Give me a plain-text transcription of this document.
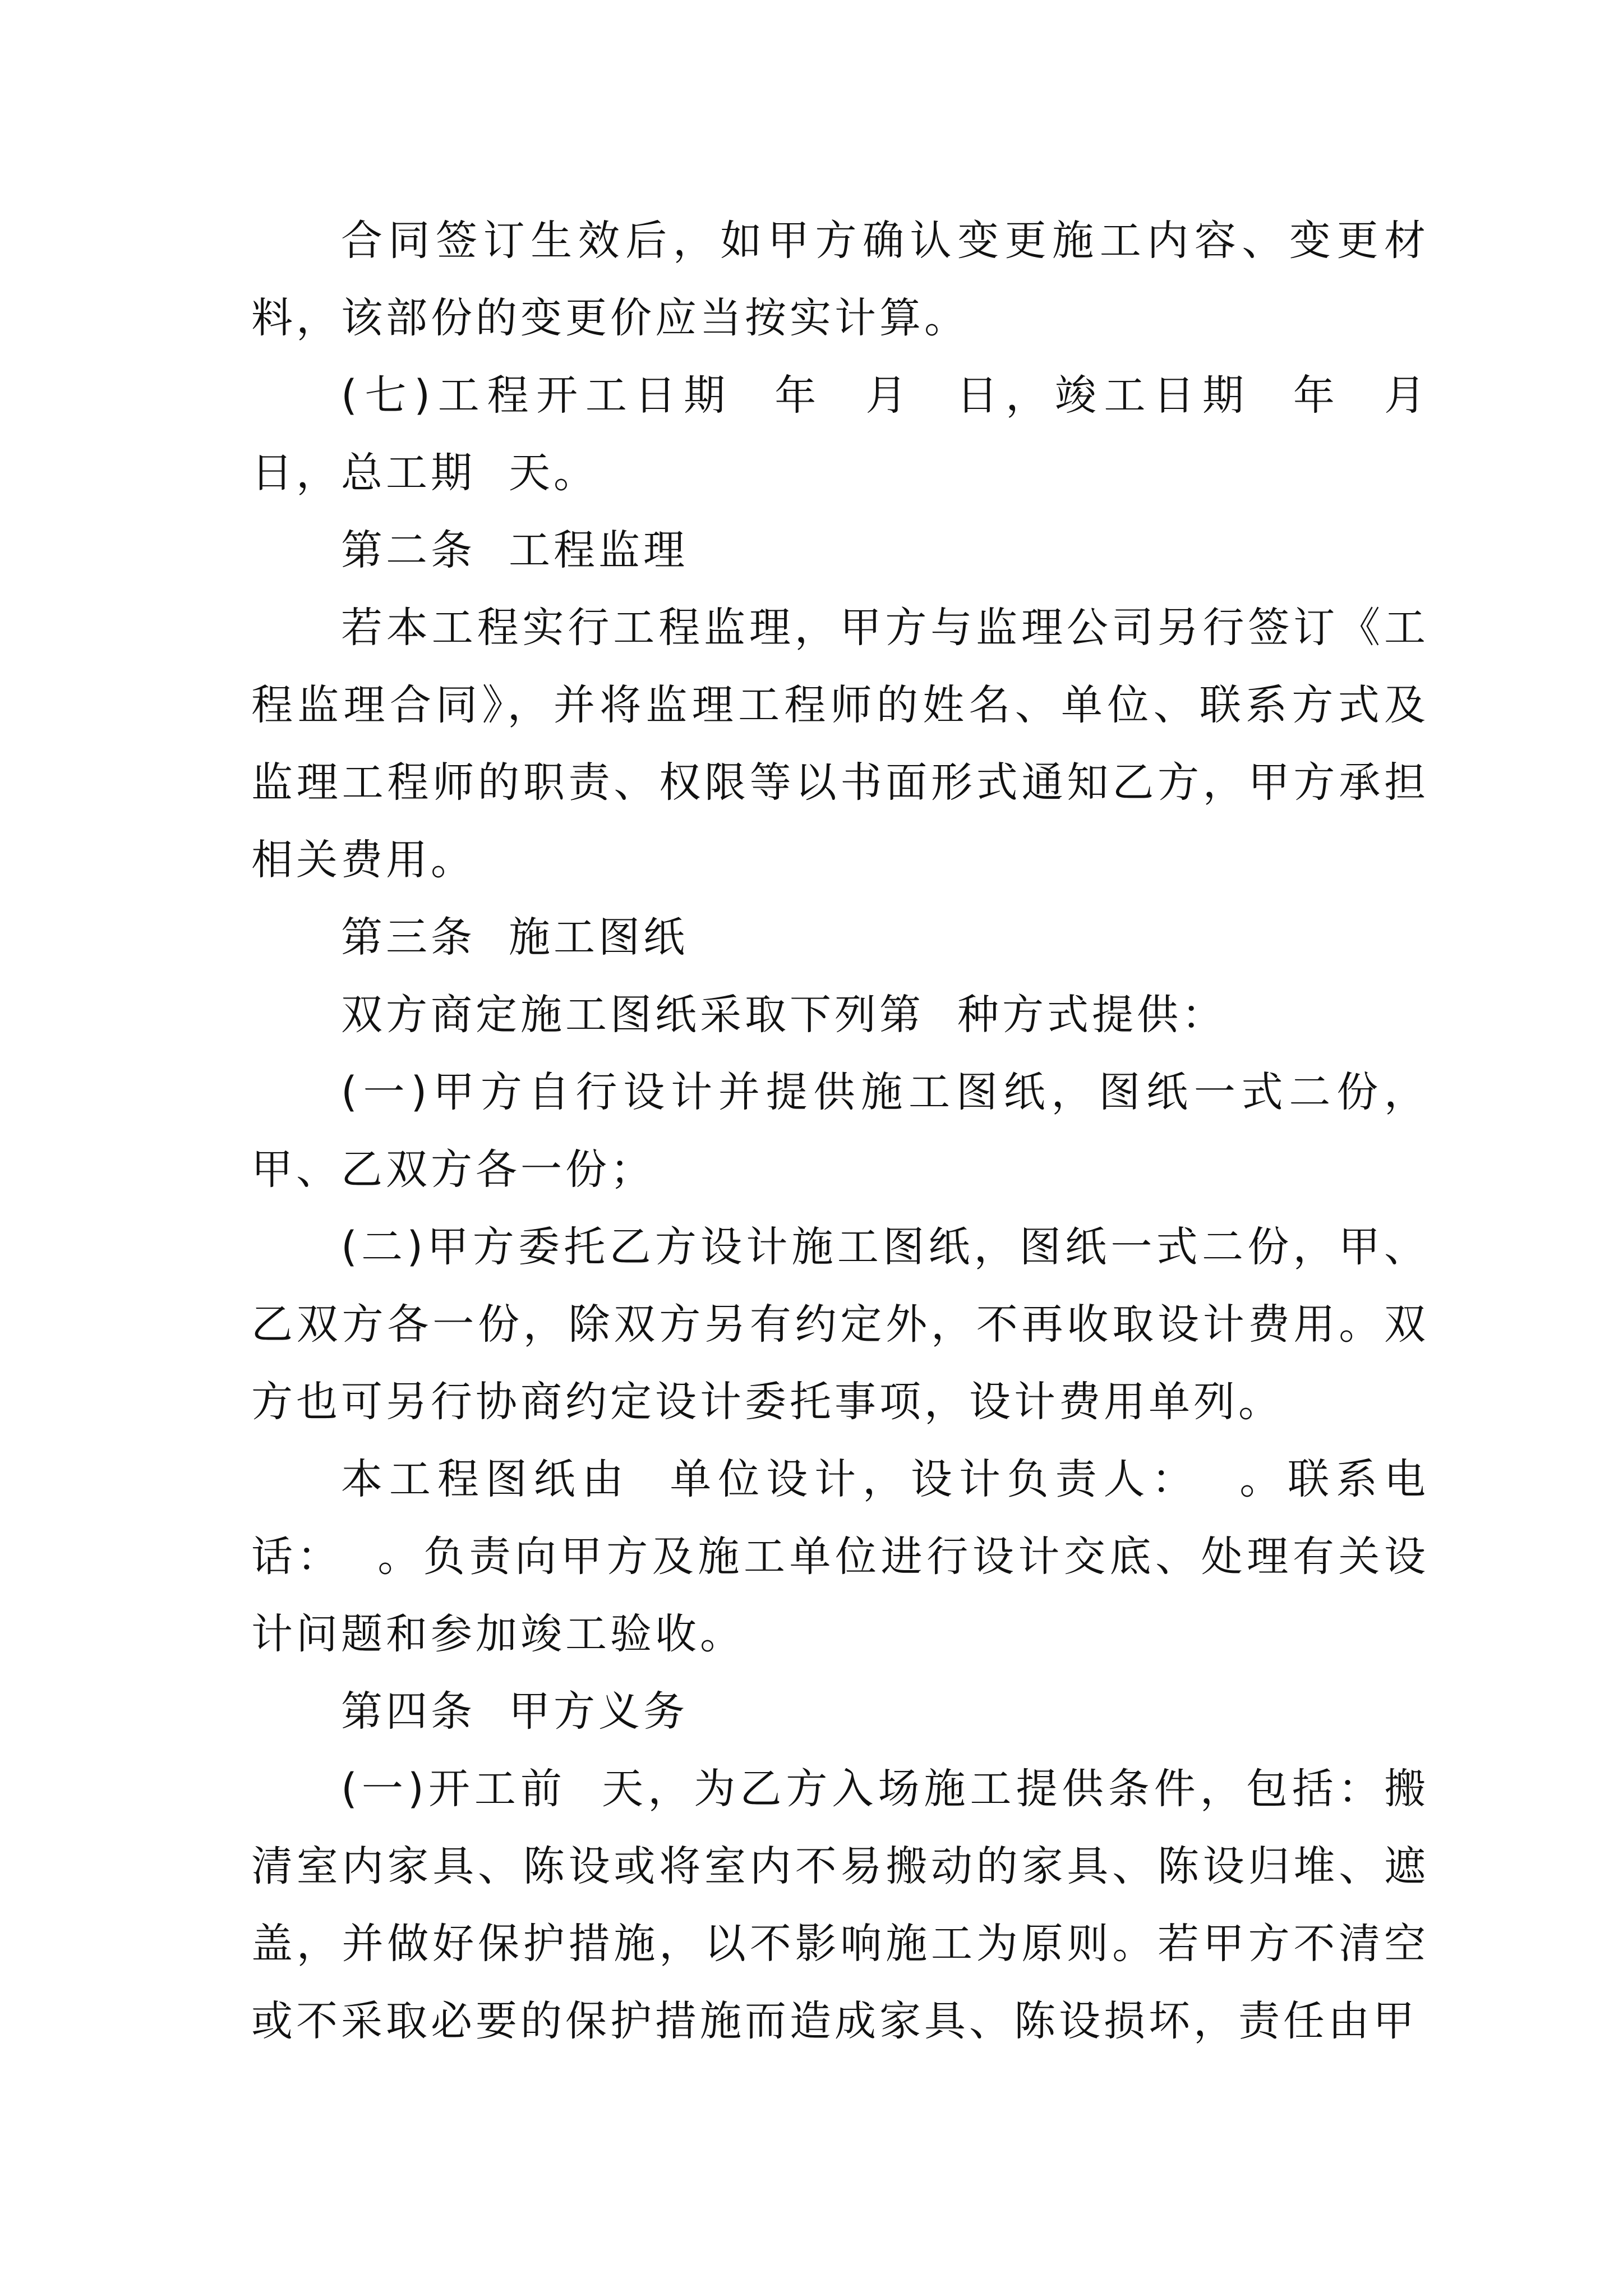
合同签订生效后，如甲方确认变更施工内容、变更材料，该部份的变更价应当按实计算。

(七)工程开工日期  年  月  日，竣工日期  年  月  日，总工期  天。

第二条  工程监理

若本工程实行工程监理，甲方与监理公司另行签订《工程监理合同》，并将监理工程师的姓名、单位、联系方式及监理工程师的职责、权限等以书面形式通知乙方，甲方承担相关费用。

第三条  施工图纸

双方商定施工图纸采取下列第  种方式提供：

(一)甲方自行设计并提供施工图纸，图纸一式二份，甲、乙双方各一份；

(二)甲方委托乙方设计施工图纸，图纸一式二份，甲、乙双方各一份，除双方另有约定外，不再收取设计费用。双方也可另行协商约定设计委托事项，设计费用单列。

本工程图纸由  单位设计，设计负责人：  。联系电话：  。负责向甲方及施工单位进行设计交底、处理有关设计问题和参加竣工验收。

第四条  甲方义务

(一)开工前  天，为乙方入场施工提供条件，包括：搬清室内家具、陈设或将室内不易搬动的家具、陈设归堆、遮盖，并做好保护措施，以不影响施工为原则。若甲方不清空或不采取必要的保护措施而造成家具、陈设损坏，责任由甲
